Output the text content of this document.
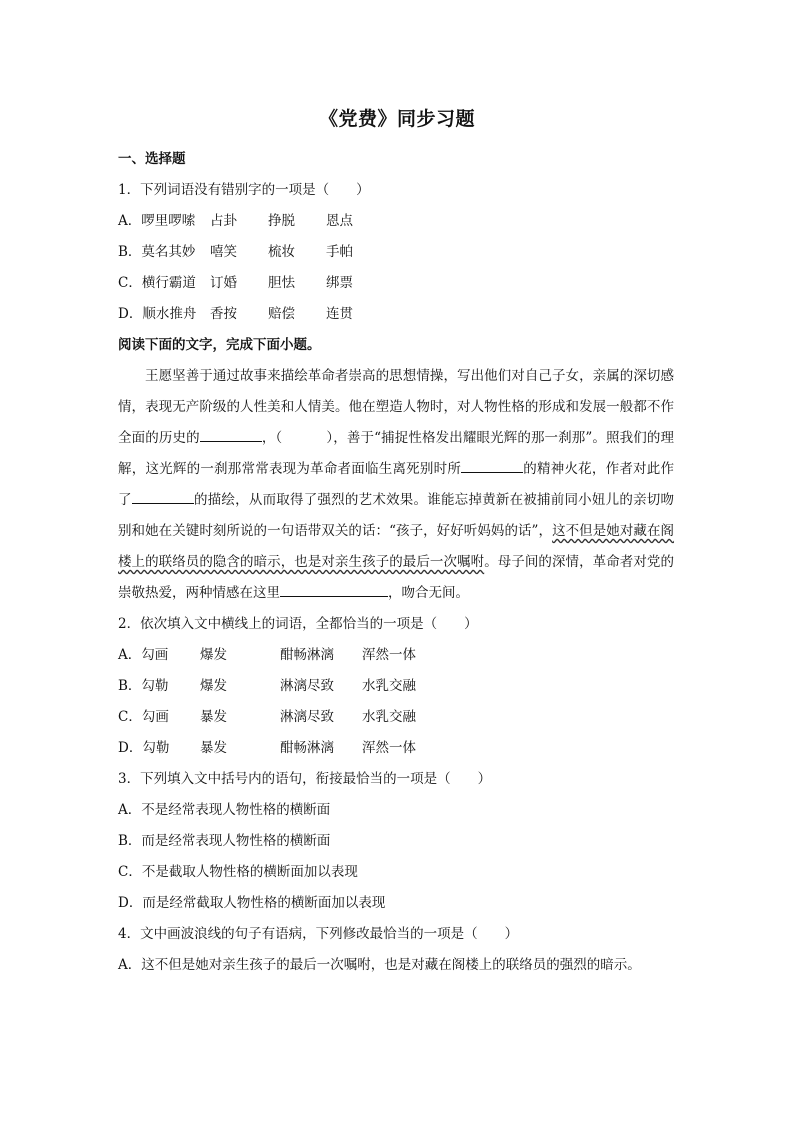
《党费》同步习题
一、选择题
1．下列词语没有错别字的一项是（　　）
A．啰里啰嗦 占卦 挣脱 恩点
B．莫名其妙 嘻笑 梳妆 手帕
C．横行霸道 订婚 胆怯 绑票
D．顺水推舟 香按 赔偿 连贯
阅读下面的文字，完成下面小题。
王愿坚善于通过故事来描绘革命者崇高的思想情操，写出他们对自己子女，亲属的深切感情，表现无产阶级的人性美和人情美。他在塑造人物时，对人物性格的形成和发展一般都不作全面的历史的	，（	），善于“捕捉性格发出耀眼光辉的那一刹那”。照我们的理解，这光辉的一刹那常常表现为革命者面临生离死别时所	的精神火花，作者对此作了	的描绘，从而取得了强烈的艺术效果。谁能忘掉黄新在被捕前同小妞儿的亲切吻别和她在关键时刻所说的一句语带双关的话：“孩子，好好听妈妈的话”，这不但是她对藏在阁楼上的联络员的隐含的暗示，也是对亲生孩子的最后一次嘱咐。母子间的深情，革命者对党的崇敬热爱，两种情感在这里	，吻合无间。
2．依次填入文中横线上的词语，全都恰当的一项是（　　）
A．勾画 爆发	酣畅淋漓 浑然一体
B．勾勒 爆发	淋漓尽致 水乳交融
C．勾画 暴发	淋漓尽致 水乳交融
D．勾勒 暴发	酣畅淋漓 浑然一体
3．下列填入文中括号内的语句，衔接最恰当的一项是（　　）
A．不是经常表现人物性格的横断面
B．而是经常表现人物性格的横断面
C．不是截取人物性格的横断面加以表现
D．而是经常截取人物性格的横断面加以表现
4．文中画波浪线的句子有语病，下列修改最恰当的一项是（　　）
A．这不但是她对亲生孩子的最后一次嘱咐，也是对藏在阁楼上的联络员的强烈的暗示。
